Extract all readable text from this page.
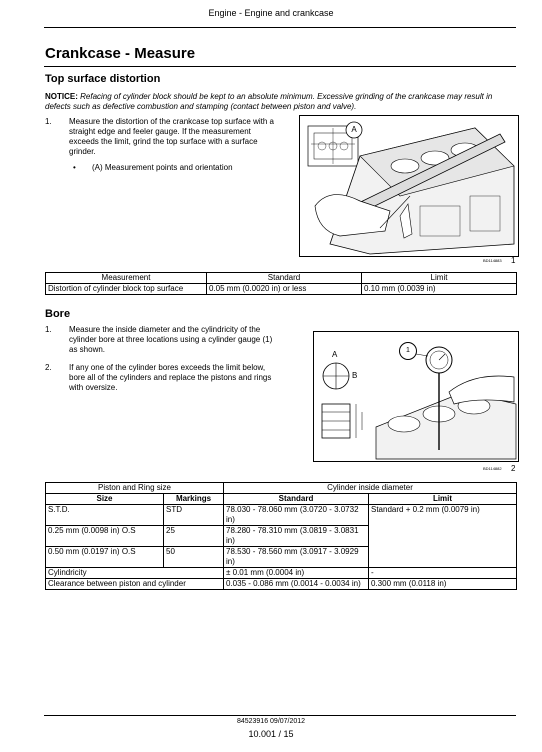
Engine - Engine and crankcase
Crankcase - Measure
Top surface distortion
NOTICE: Refacing of cylinder block should be kept to an absolute minimum. Excessive grinding of the crankcase may result in defects such as defective combustion and stamping (contact between piston and valve).
1. Measure the distortion of the crankcase top surface with a straight edge and feeler gauge. If the measurement exceeds the limit, grind the top surface with a surface grinder.
• (A) Measurement points and orientation
A
BD114883 1
Measurement	Standard	Limit
Distortion of cylinder block top surface	0.05 mm (0.0020 in) or less	0.10 mm (0.0039 in)
Bore
1. Measure the inside diameter and the cylindricity of the cylinder bore at three locations using a cylinder gauge (1) as shown.
2. If any one of the cylinder bores exceeds the limit below, bore all of the cylinders and replace the pistons and rings with oversize.
1
A
B
BD114882 2
Piston and Ring size		Cylinder inside diameter	
Size	Markings	Standard	Limit
S.T.D.	STD	78.030 - 78.060 mm (3.0720 - 3.0732 in)	Standard + 0.2 mm (0.0079 in)
0.25 mm (0.0098 in) O.S	25	78.280 - 78.310 mm (3.0819 - 3.0831 in)	
0.50 mm (0.0197 in) O.S	50	78.530 - 78.560 mm (3.0917 - 3.0929 in)	
Cylindricity		± 0.01 mm (0.0004 in)	-
Clearance between piston and cylinder		0.035 - 0.086 mm (0.0014 - 0.0034 in)	0.300 mm (0.0118 in)
84523916 09/07/2012
10.001 / 15
